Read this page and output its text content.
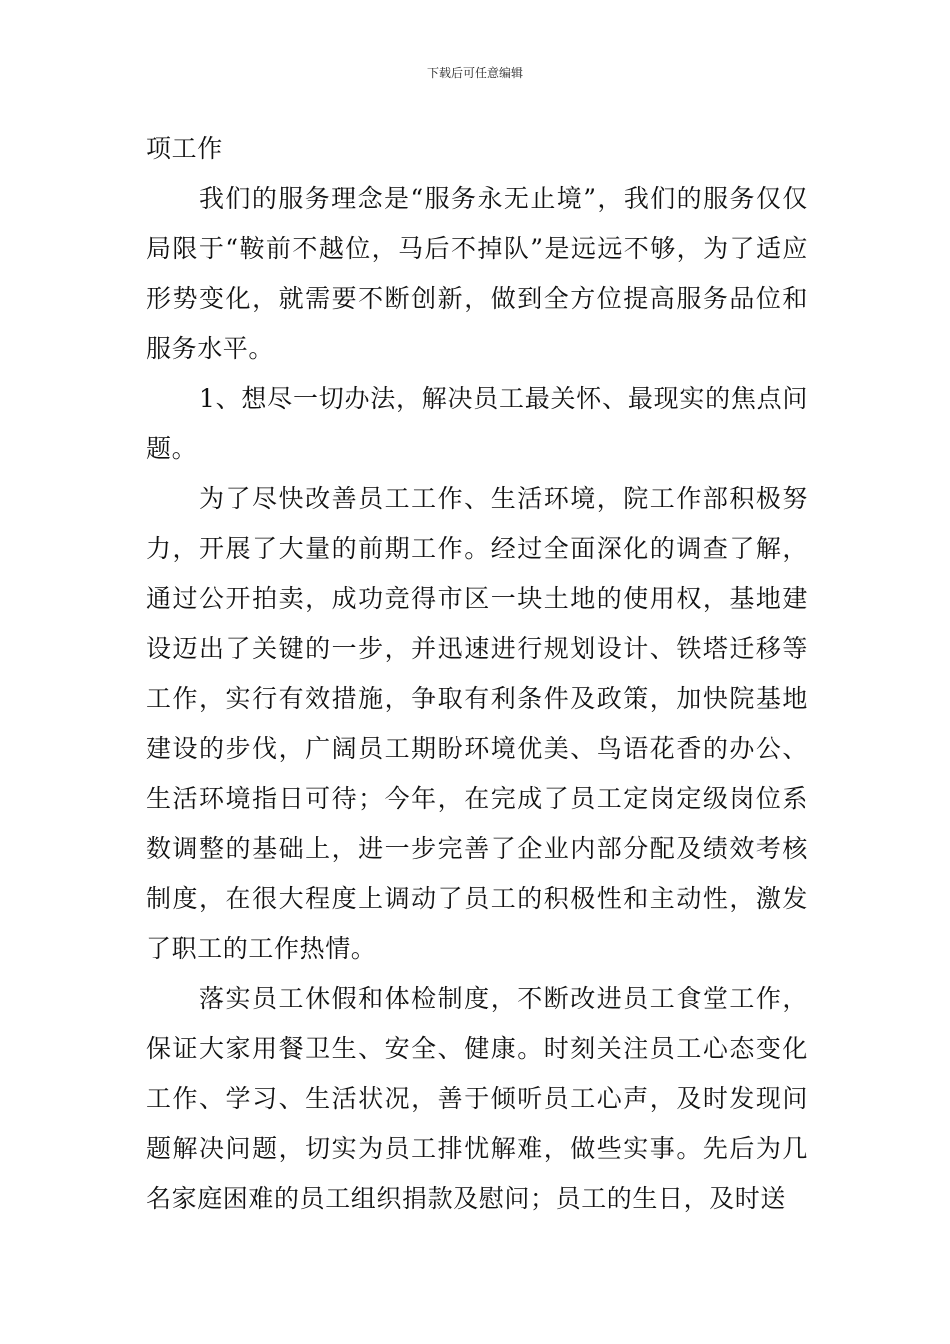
下载后可任意编辑

项工作

我们的服务理念是“服务永无止境”，我们的服务仅仅局限于“鞍前不越位，马后不掉队”是远远不够，为了适应形势变化，就需要不断创新，做到全方位提高服务品位和服务水平。

1、想尽一切办法，解决员工最关怀、最现实的焦点问题。

为了尽快改善员工工作、生活环境，院工作部积极努力，开展了大量的前期工作。经过全面深化的调查了解，通过公开拍卖，成功竞得市区一块土地的使用权，基地建设迈出了关键的一步，并迅速进行规划设计、铁塔迁移等工作，实行有效措施，争取有利条件及政策，加快院基地建设的步伐，广阔员工期盼环境优美、鸟语花香的办公、生活环境指日可待；今年，在完成了员工定岗定级岗位系数调整的基础上，进一步完善了企业内部分配及绩效考核制度，在很大程度上调动了员工的积极性和主动性，激发了职工的工作热情。

落实员工休假和体检制度，不断改进员工食堂工作，保证大家用餐卫生、安全、健康。时刻关注员工心态变化工作、学习、生活状况，善于倾听员工心声，及时发现问题解决问题，切实为员工排忧解难，做些实事。先后为几名家庭困难的员工组织捐款及慰问；员工的生日，及时送
